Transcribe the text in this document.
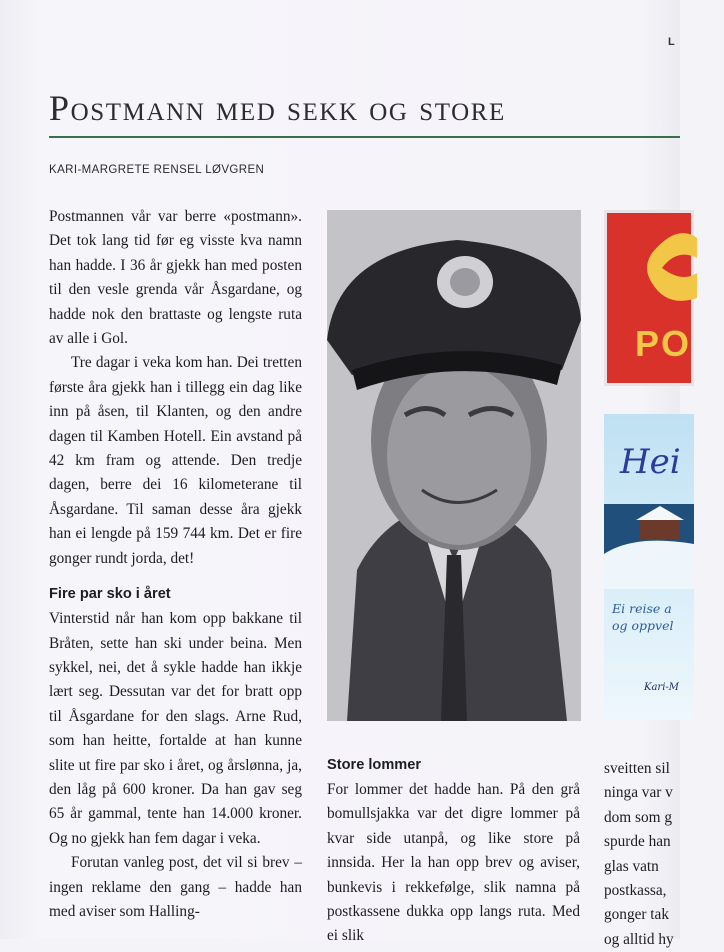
L
Postmann med sekk og store
KARI-MARGRETE RENSEL LØVGREN

Postmannen vår var berre «postmann». Det tok lang tid før eg visste kva namn han hadde. I 36 år gjekk han med posten til den vesle grenda vår Åsgardane, og hadde nok den brattaste og lengste ruta av alle i Gol.

Tre dagar i veka kom han. Dei tretten første åra gjekk han i tillegg ein dag like inn på åsen, til Klanten, og den andre dagen til Kamben Hotell. Ein avstand på 42 km fram og attende. Den tredje dagen, berre dei 16 kilometerane til Åsgardane. Til saman desse åra gjekk han ei lengde på 159 744 km. Det er fire gonger rundt jorda, det!

Fire par sko i året

Vinterstid når han kom opp bakkane til Bråten, sette han ski under beina. Men sykkel, nei, det å sykle hadde han ikkje lært seg. Dessutan var det for bratt opp til Åsgardane for den slags. Arne Rud, som han heitte, fortalde at han kunne slite ut fire par sko i året, og årslønna, ja, den låg på 600 kroner. Da han gav seg 65 år gammal, tente han 14.000 kroner. Og no gjekk han fem dagar i veka.

Forutan vanleg post, det vil si brev – ingen reklame den gang – hadde han med aviser som Halling-

Store lommer

For lommer det hadde han. På den grå bomullsjakka var det digre lommer på kvar side utanpå, og like store på innsida. Her la han opp brev og aviser, bunkevis i rekkefølge, slik namna på postkassene dukka opp langs ruta. Med ei slik

PO
Hei
Ei reise a
og oppvel
Kari-M
sveitten sil
ninga var v
dom som g
spurde han
glas vatn
postkassa,
gonger tak
og alltid hy
